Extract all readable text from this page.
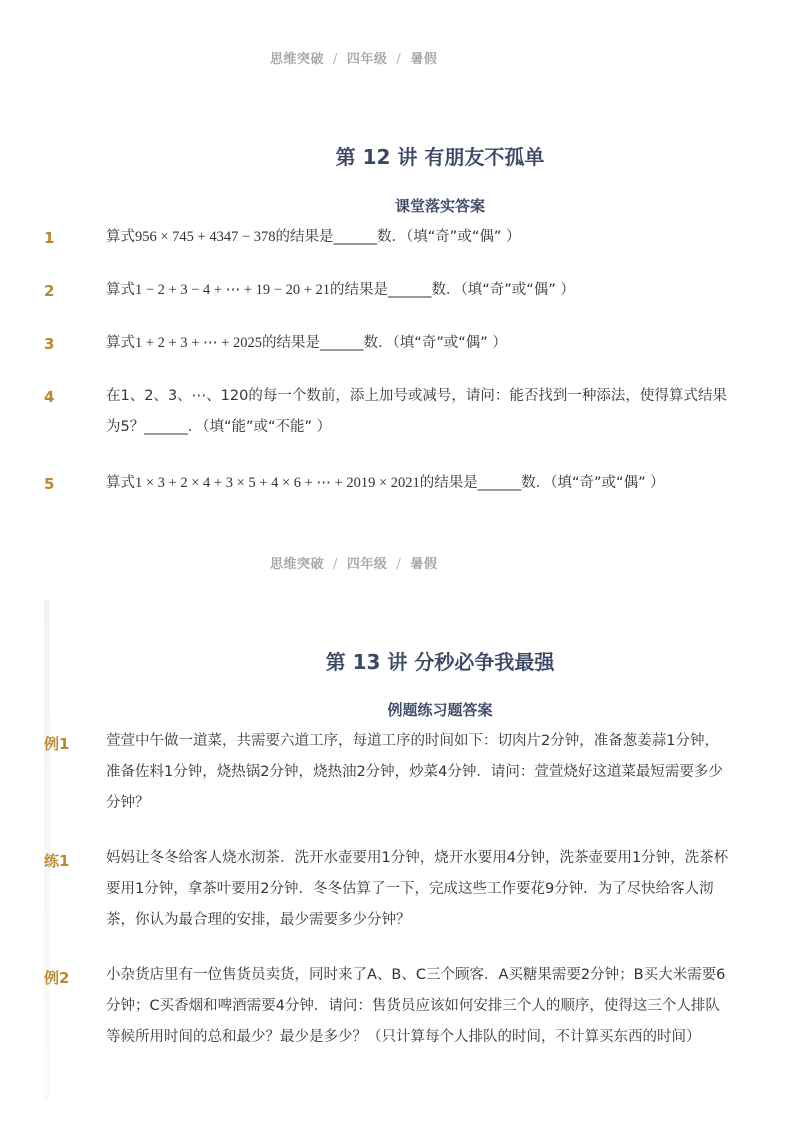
思维突破 / 四年级 / 暑假
第 12 讲 有朋友不孤单
课堂落实答案
1	算式956 × 745 + 4347 − 378的结果是______数．（填“奇”或“偶” ）
2	算式1 − 2 + 3 − 4 + ⋯ + 19 − 20 + 21的结果是______数．（填“奇”或“偶” ）
3	算式1 + 2 + 3 + ⋯ + 2025的结果是______数．（填“奇”或“偶” ）
4	在1、2、3、⋯、120的每一个数前，添上加号或减号，请问：能否找到一种添法，使得算式结果
为5？______．（填“能”或“不能” ）
5	算式1 × 3 + 2 × 4 + 3 × 5 + 4 × 6 + ⋯ + 2019 × 2021的结果是______数．（填“奇”或“偶” ）
思维突破 / 四年级 / 暑假
第 13 讲 分秒必争我最强
例题练习题答案
例1	萱萱中午做一道菜，共需要六道工序，每道工序的时间如下：切肉片2分钟，准备葱姜蒜1分钟，
准备佐料1分钟，烧热锅2分钟，烧热油2分钟，炒菜4分钟．请问：萱萱烧好这道菜最短需要多少
分钟？
练1	妈妈让冬冬给客人烧水沏茶．洗开水壶要用1分钟，烧开水要用4分钟，洗茶壶要用1分钟，洗茶杯
要用1分钟，拿茶叶要用2分钟．冬冬估算了一下，完成这些工作要花9分钟．为了尽快给客人沏
茶，你认为最合理的安排，最少需要多少分钟？
例2	小杂货店里有一位售货员卖货，同时来了A、B、C三个顾客．A买糖果需要2分钟；B买大米需要6
分钟；C买香烟和啤酒需要4分钟．请问：售货员应该如何安排三个人的顺序，使得这三个人排队
等候所用时间的总和最少？最少是多少？（只计算每个人排队的时间，不计算买东西的时间）
